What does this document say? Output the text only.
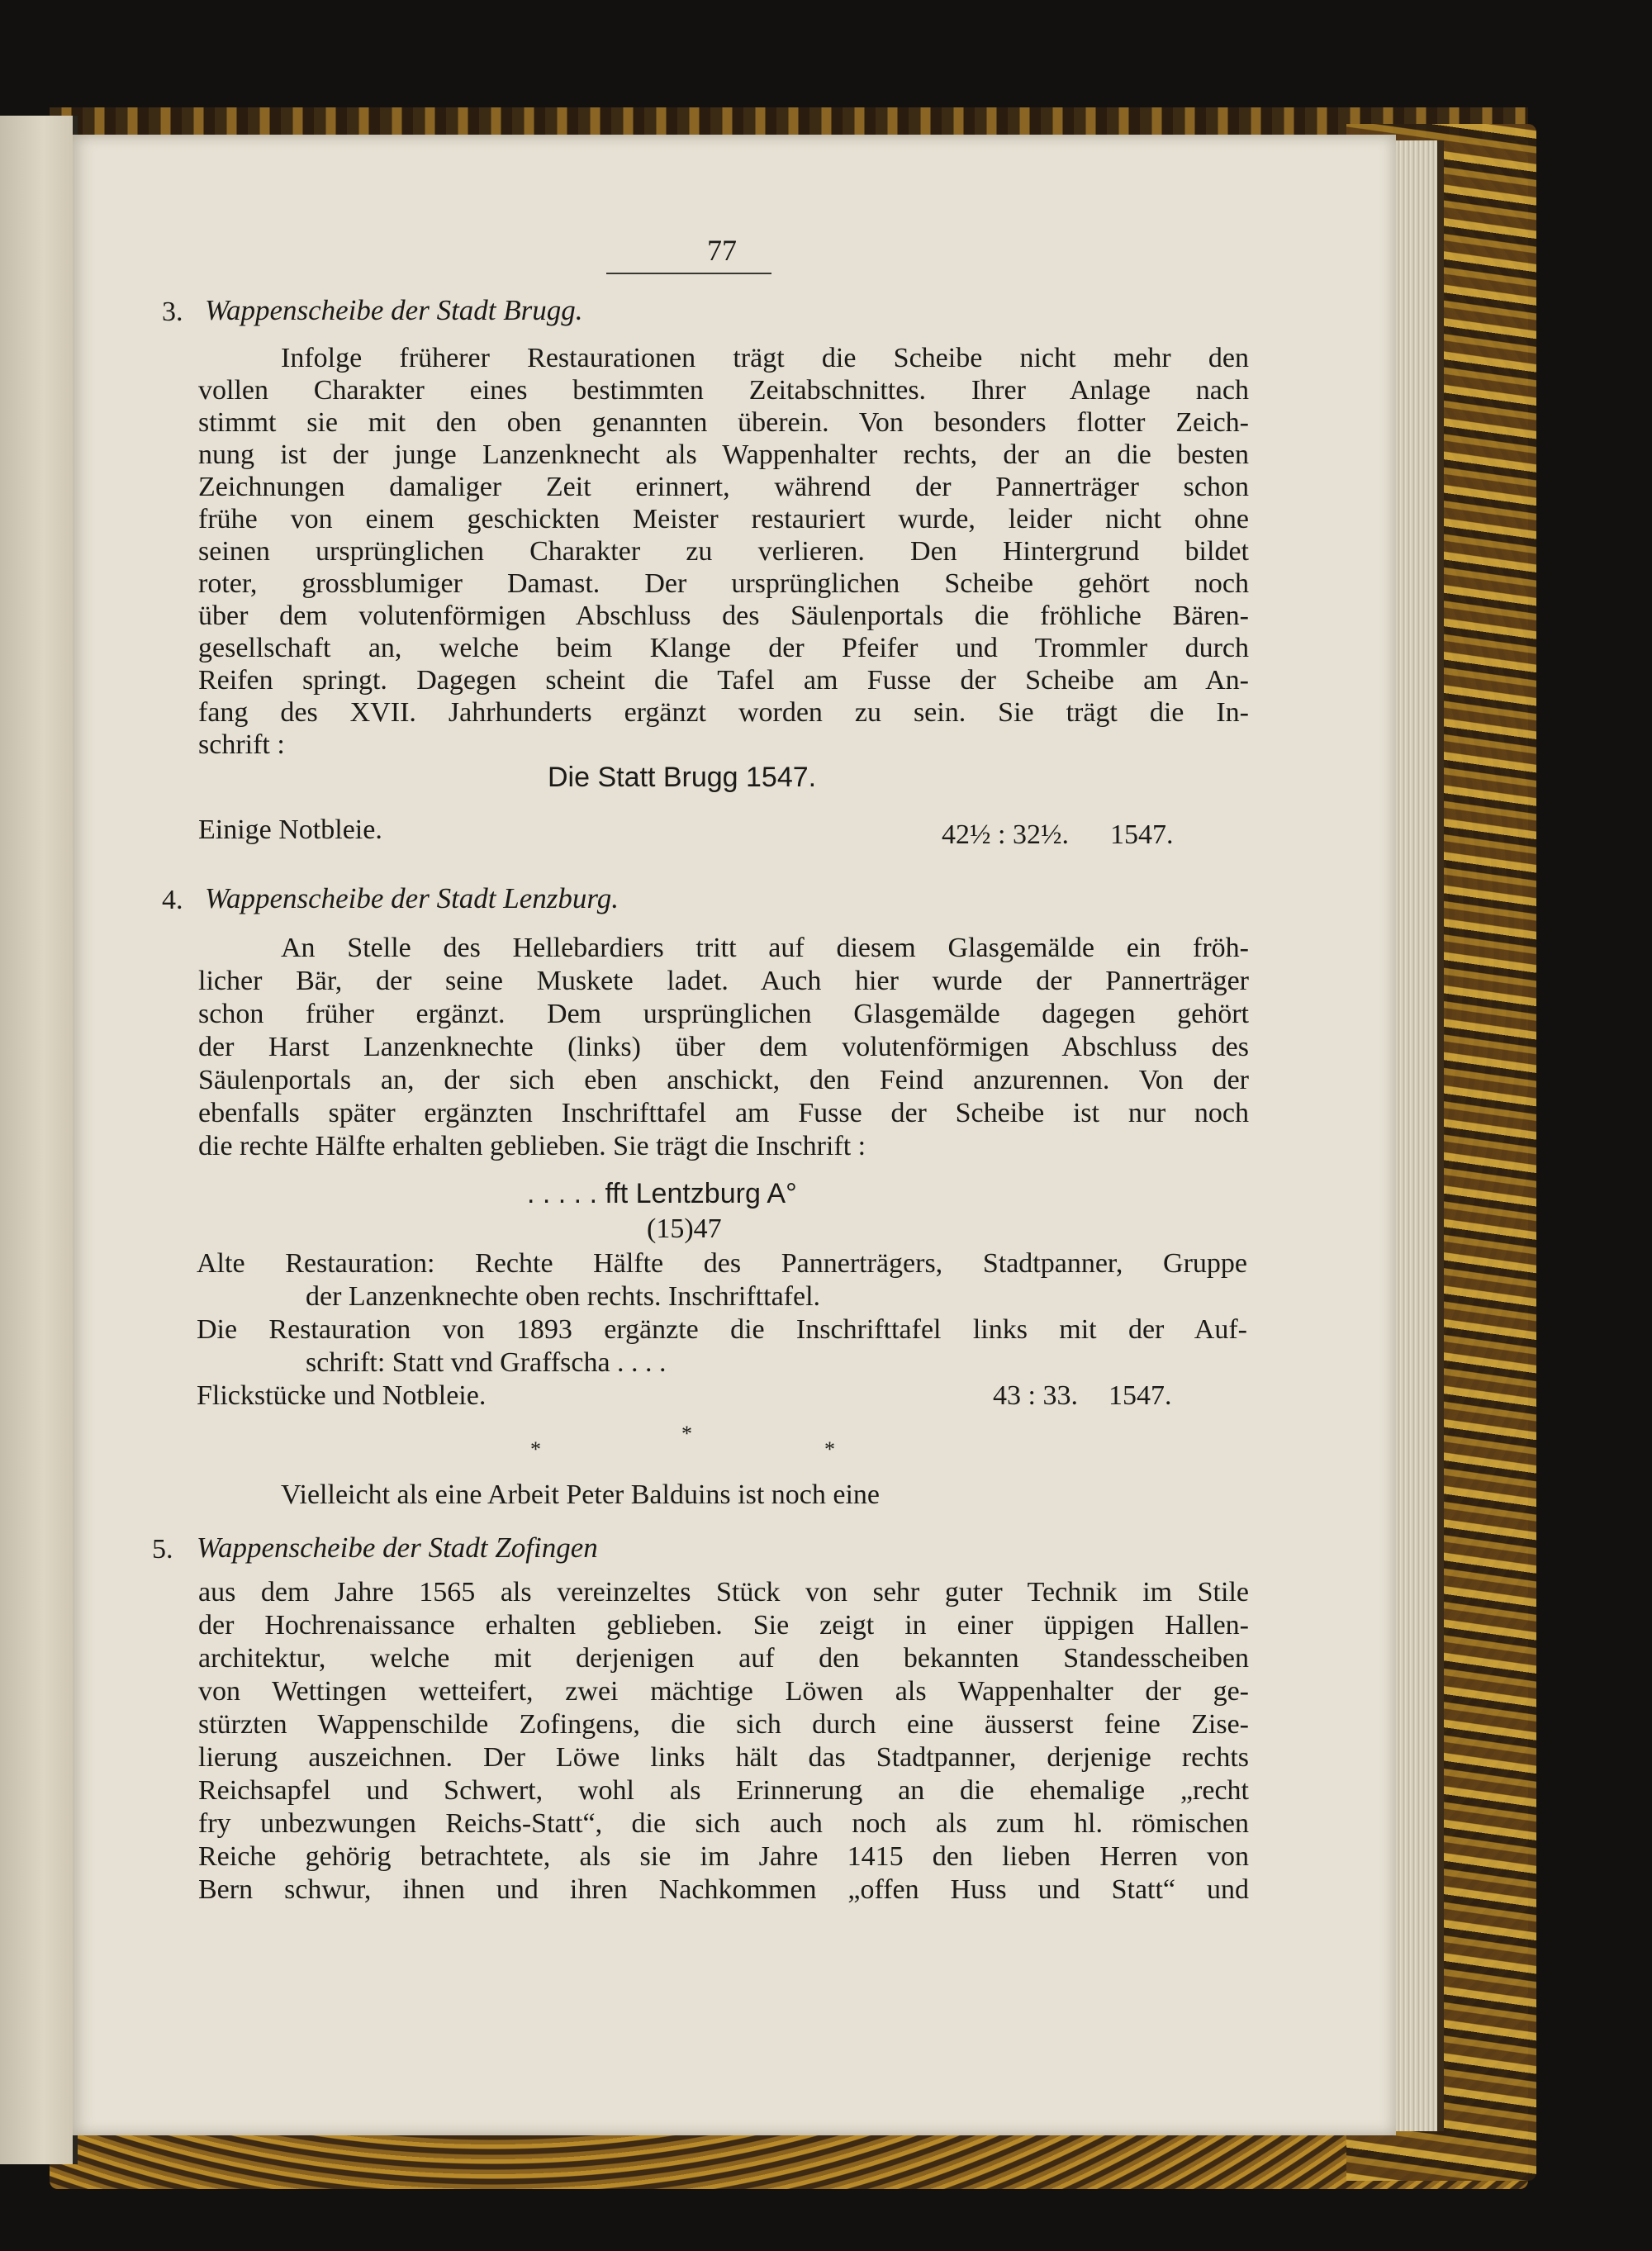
77
3. Wappenscheibe der Stadt Brugg.
Infolge früherer Restaurationen trägt die Scheibe nicht mehr den
vollen Charakter eines bestimmten Zeitabschnittes. Ihrer Anlage nach
stimmt sie mit den oben genannten überein. Von besonders flotter Zeich-
nung ist der junge Lanzenknecht als Wappenhalter rechts, der an die besten
Zeichnungen damaliger Zeit erinnert, während der Pannerträger schon
frühe von einem geschickten Meister restauriert wurde, leider nicht ohne
seinen ursprünglichen Charakter zu verlieren. Den Hintergrund bildet
roter, grossblumiger Damast. Der ursprünglichen Scheibe gehört noch
über dem volutenförmigen Abschluss des Säulenportals die fröhliche Bären-
gesellschaft an, welche beim Klange der Pfeifer und Trommler durch
Reifen springt. Dagegen scheint die Tafel am Fusse der Scheibe am An-
fang des XVII. Jahrhunderts ergänzt worden zu sein. Sie trägt die In-
schrift :
Die Statt Brugg 1547.
Einige Notbleie.	42½ : 32½. 1547.
4. Wappenscheibe der Stadt Lenzburg.
An Stelle des Hellebardiers tritt auf diesem Glasgemälde ein fröh-
licher Bär, der seine Muskete ladet. Auch hier wurde der Pannerträger
schon früher ergänzt. Dem ursprünglichen Glasgemälde dagegen gehört
der Harst Lanzenknechte (links) über dem volutenförmigen Abschluss des
Säulenportals an, der sich eben anschickt, den Feind anzurennen. Von der
ebenfalls später ergänzten Inschrifttafel am Fusse der Scheibe ist nur noch
die rechte Hälfte erhalten geblieben. Sie trägt die Inschrift :
. . . . . fft Lentzburg A°
(15)47
Alte Restauration: Rechte Hälfte des Pannerträgers, Stadtpanner, Gruppe
der Lanzenknechte oben rechts. Inschrifttafel.
Die Restauration von 1893 ergänzte die Inschrifttafel links mit der Auf-
schrift: Statt vnd Graffscha . . . .
Flickstücke und Notbleie.	43 : 33. 1547.
*
*
*
Vielleicht als eine Arbeit Peter Balduins ist noch eine
5. Wappenscheibe der Stadt Zofingen
aus dem Jahre 1565 als vereinzeltes Stück von sehr guter Technik im Stile
der Hochrenaissance erhalten geblieben. Sie zeigt in einer üppigen Hallen-
architektur, welche mit derjenigen auf den bekannten Standesscheiben
von Wettingen wetteifert, zwei mächtige Löwen als Wappenhalter der ge-
stürzten Wappenschilde Zofingens, die sich durch eine äusserst feine Zise-
lierung auszeichnen. Der Löwe links hält das Stadtpanner, derjenige rechts
Reichsapfel und Schwert, wohl als Erinnerung an die ehemalige „recht
fry unbezwungen Reichs-Statt“, die sich auch noch als zum hl. römischen
Reiche gehörig betrachtete, als sie im Jahre 1415 den lieben Herren von
Bern schwur, ihnen und ihren Nachkommen „offen Huss und Statt“ und
